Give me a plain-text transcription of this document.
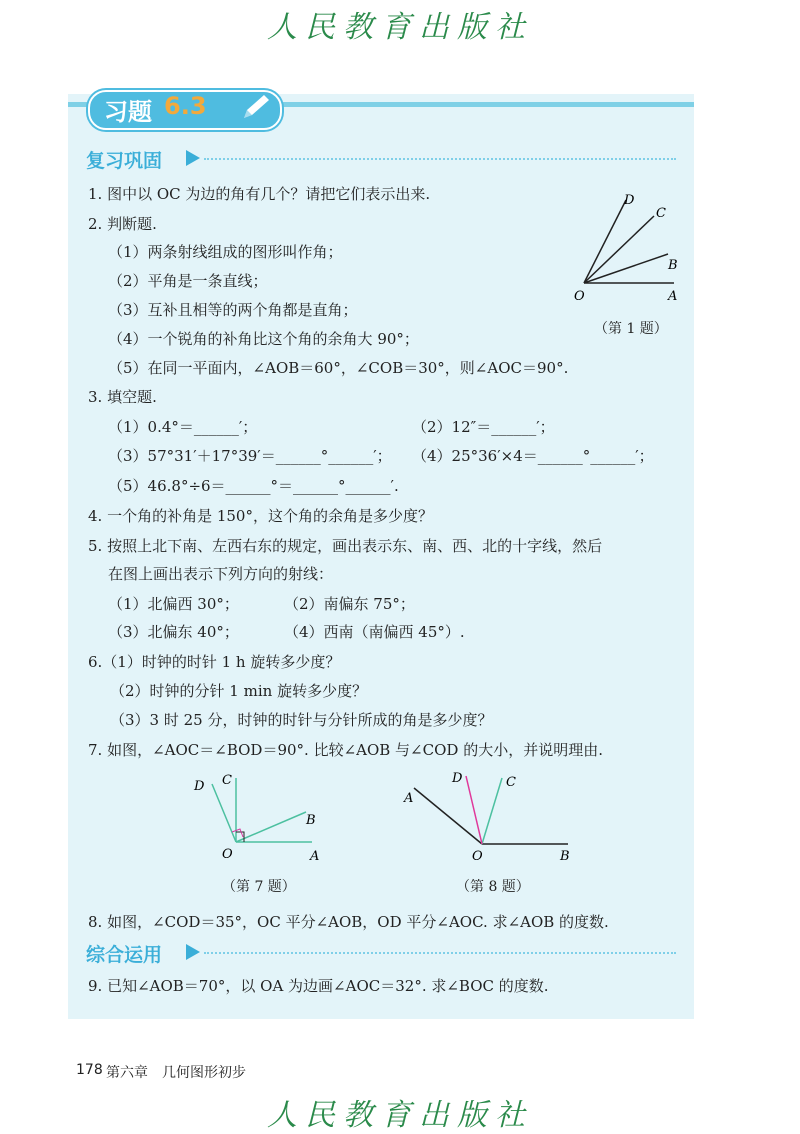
人民教育出版社
习题 6.3
复习巩固
1. 图中以 OC 为边的角有几个？请把它们表示出来.
2. 判断题.
（1）两条射线组成的图形叫作角；
（2）平角是一条直线；
（3）互补且相等的两个角都是直角；
（4）一个锐角的补角比这个角的余角大 90°；
（5）在同一平面内，∠AOB＝60°，∠COB＝30°，则∠AOC＝90°.
O	A
B
C
D
（第 1 题）
3. 填空题.
（1）0.4°＝______′；	（2）12″＝______′；
（3）57°31′＋17°39′＝______°______′； （4）25°36′×4＝______°______′；
（5）46.8°÷6＝______°＝______°______′.
4. 一个角的补角是 150°，这个角的余角是多少度？
5. 按照上北下南、左西右东的规定，画出表示东、南、西、北的十字线，然后
在图上画出表示下列方向的射线：
（1）北偏西 30°；	（2）南偏东 75°；
（3）北偏东 40°；	（4）西南（南偏西 45°）.
6.（1）时钟的时针 1 h 旋转多少度？
（2）时钟的分针 1 min 旋转多少度？
（3）3 时 25 分，时钟的时针与分针所成的角是多少度？
7. 如图，∠AOC＝∠BOD＝90°. 比较∠AOB 与∠COD 的大小，并说明理由.
O	A
B
C
D
（第 7 题）
O	B
A
C
D
（第 8 题）
8. 如图，∠COD＝35°，OC 平分∠AOB，OD 平分∠AOC. 求∠AOB 的度数.
综合运用
9. 已知∠AOB＝70°，以 OA 为边画∠AOC＝32°. 求∠BOC 的度数.
178 第六章　几何图形初步
人民教育出版社
